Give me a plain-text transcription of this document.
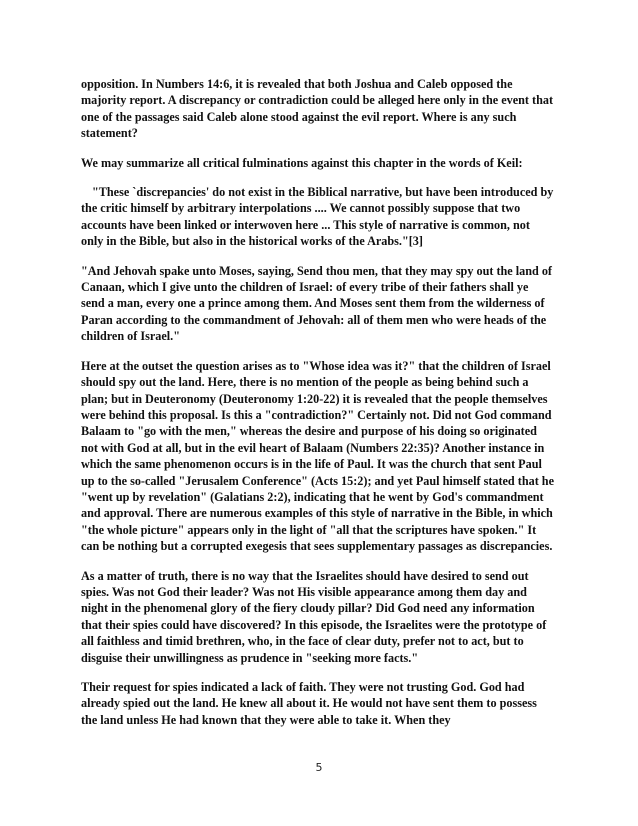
opposition. In Numbers 14:6, it is revealed that both Joshua and Caleb opposed the majority report. A discrepancy or contradiction could be alleged here only in the event that one of the passages said Caleb alone stood against the evil report. Where is any such statement?

We may summarize all critical fulminations against this chapter in the words of Keil:

"These `discrepancies' do not exist in the Biblical narrative, but have been introduced by the critic himself by arbitrary interpolations .... We cannot possibly suppose that two accounts have been linked or interwoven here ... This style of narrative is common, not only in the Bible, but also in the historical works of the Arabs."[3]

"And Jehovah spake unto Moses, saying, Send thou men, that they may spy out the land of Canaan, which I give unto the children of Israel: of every tribe of their fathers shall ye send a man, every one a prince among them. And Moses sent them from the wilderness of Paran according to the commandment of Jehovah: all of them men who were heads of the children of Israel."

Here at the outset the question arises as to "Whose idea was it?" that the children of Israel should spy out the land. Here, there is no mention of the people as being behind such a plan; but in Deuteronomy (Deuteronomy 1:20-22) it is revealed that the people themselves were behind this proposal. Is this a "contradiction?" Certainly not. Did not God command Balaam to "go with the men," whereas the desire and purpose of his doing so originated not with God at all, but in the evil heart of Balaam (Numbers 22:35)? Another instance in which the same phenomenon occurs is in the life of Paul. It was the church that sent Paul up to the so-called "Jerusalem Conference" (Acts 15:2); and yet Paul himself stated that he "went up by revelation" (Galatians 2:2), indicating that he went by God's commandment and approval. There are numerous examples of this style of narrative in the Bible, in which "the whole picture" appears only in the light of "all that the scriptures have spoken." It can be nothing but a corrupted exegesis that sees supplementary passages as discrepancies.

As a matter of truth, there is no way that the Israelites should have desired to send out spies. Was not God their leader? Was not His visible appearance among them day and night in the phenomenal glory of the fiery cloudy pillar? Did God need any information that their spies could have discovered? In this episode, the Israelites were the prototype of all faithless and timid brethren, who, in the face of clear duty, prefer not to act, but to disguise their unwillingness as prudence in "seeking more facts."

Their request for spies indicated a lack of faith. They were not trusting God. God had already spied out the land. He knew all about it. He would not have sent them to possess the land unless He had known that they were able to take it. When they

5
